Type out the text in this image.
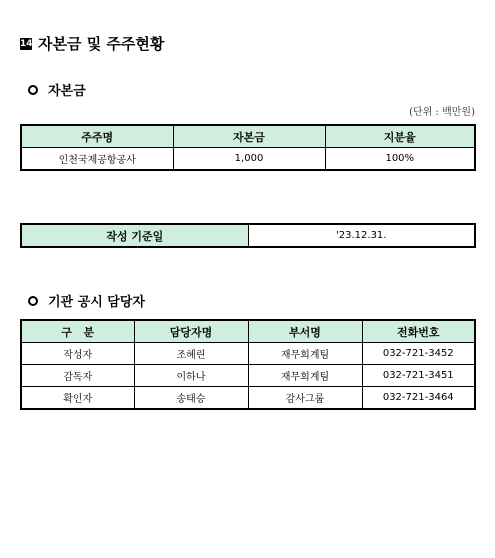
14 자본금 및 주주현황
자본금
(단위 : 백만원)
주주명	자본금	지분율
인천국제공항공사	1,000	100%
작성 기준일	'23.12.31.
기관 공시 담당자
구   분	담당자명	부서명	전화번호
작성자	조혜린	재무회계팀	032-721-3452
감독자	이하나	재무회계팀	032-721-3451
확인자	송태승	감사그룹	032-721-3464
